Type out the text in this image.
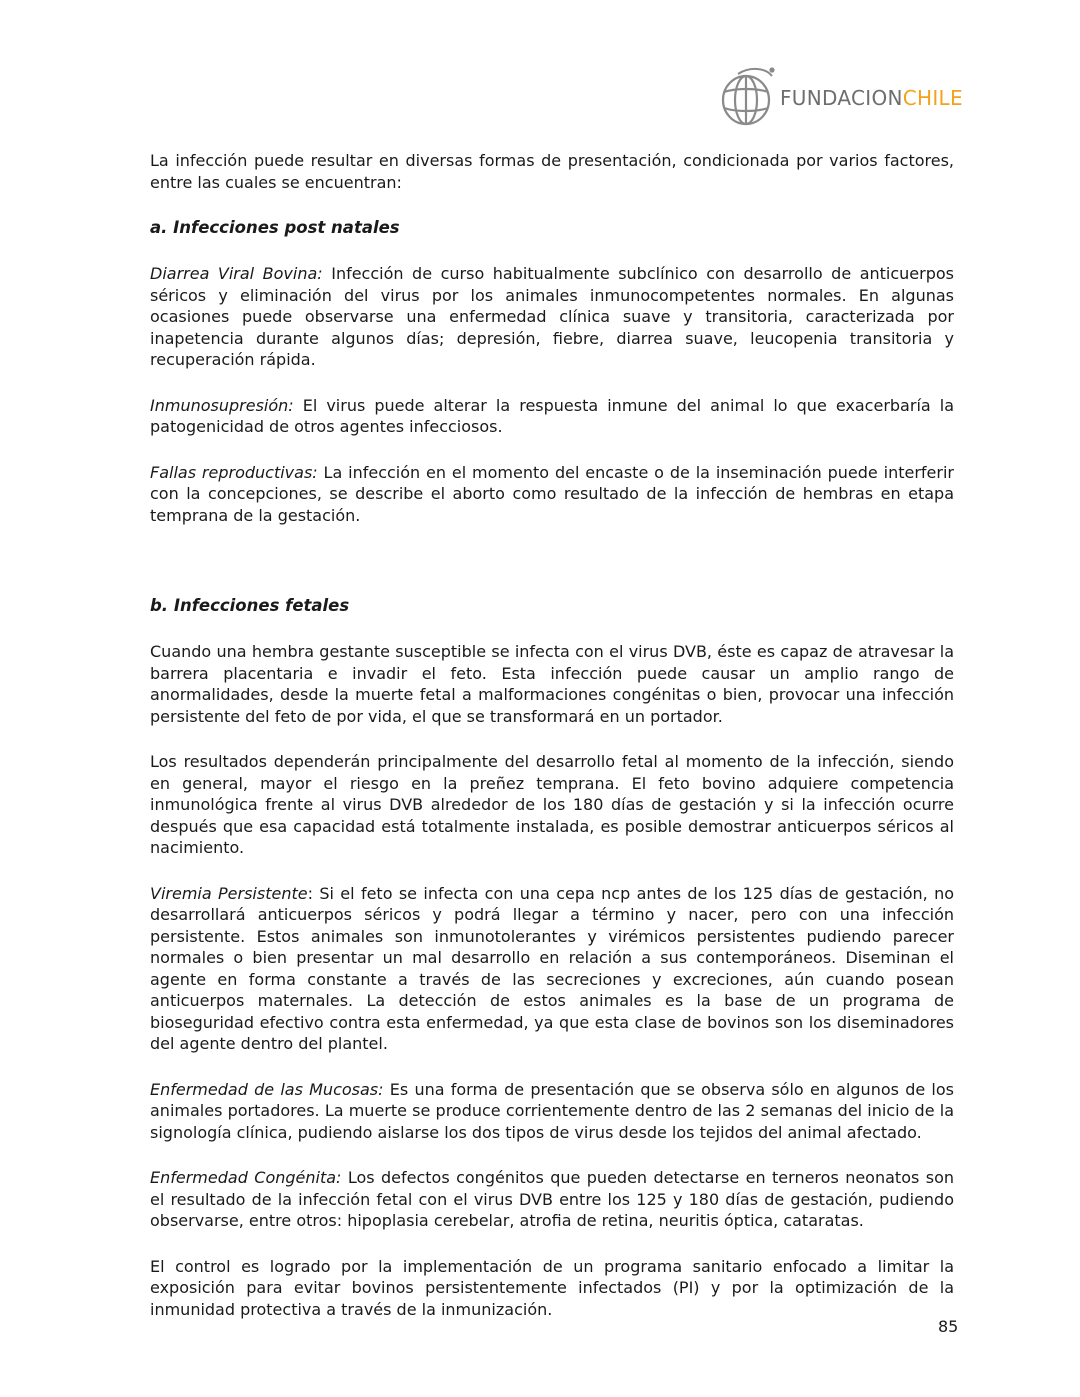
FUNDACIONCHILE

La infección puede resultar en diversas formas de presentación, condicionada por varios factores, entre las cuales se encuentran:

a. Infecciones post natales

Diarrea Viral Bovina: Infección de curso habitualmente subclínico con desarrollo de anticuerpos séricos y eliminación del virus por los animales inmunocompetentes normales. En algunas ocasiones puede observarse una enfermedad clínica suave y transitoria, caracterizada por inapetencia durante algunos días; depresión, fiebre, diarrea suave, leucopenia transitoria y recuperación rápida.

Inmunosupresión: El virus puede alterar la respuesta inmune del animal lo que exacerbaría la patogenicidad de otros agentes infecciosos.

Fallas reproductivas: La infección en el momento del encaste o de la inseminación puede interferir con la concepciones, se describe el aborto como resultado de la infección de hembras en etapa temprana de la gestación.

b. Infecciones fetales

Cuando una hembra gestante susceptible se infecta con el virus DVB, éste es capaz de atravesar la barrera placentaria e invadir el feto. Esta infección puede causar un amplio rango de anormalidades, desde la muerte fetal a malformaciones congénitas o bien, provocar una infección persistente del feto de por vida, el que se transformará en un portador.

Los resultados dependerán principalmente del desarrollo fetal al momento de la infección, siendo en general, mayor el riesgo en la preñez temprana. El feto bovino adquiere competencia inmunológica frente al virus DVB alrededor de los 180 días de gestación y si la infección ocurre después que esa capacidad está totalmente instalada, es posible demostrar anticuerpos séricos al nacimiento.

Viremia Persistente: Si el feto se infecta con una cepa ncp antes de los 125 días de gestación, no desarrollará anticuerpos séricos y podrá llegar a término y nacer, pero con una infección persistente. Estos animales son inmunotolerantes y virémicos persistentes pudiendo parecer normales o bien presentar un mal desarrollo en relación a sus contemporáneos. Diseminan el agente en forma constante a través de las secreciones y excreciones, aún cuando posean anticuerpos maternales. La detección de estos animales es la base de un programa de bioseguridad efectivo contra esta enfermedad, ya que esta clase de bovinos son los diseminadores del agente dentro del plantel.

Enfermedad de las Mucosas: Es una forma de presentación que se observa sólo en algunos de los animales portadores. La muerte se produce corrientemente dentro de las 2 semanas del inicio de la signología clínica, pudiendo aislarse los dos tipos de virus desde los tejidos del animal afectado.

Enfermedad Congénita: Los defectos congénitos que pueden detectarse en terneros neonatos son el resultado de la infección fetal con el virus DVB entre los 125 y 180 días de gestación, pudiendo observarse, entre otros: hipoplasia cerebelar, atrofia de retina, neuritis óptica, cataratas.

El control es logrado por la implementación de un programa sanitario enfocado a limitar la exposición para evitar bovinos persistentemente infectados (PI) y por la optimización de la inmunidad protectiva a través de la inmunización.

85
